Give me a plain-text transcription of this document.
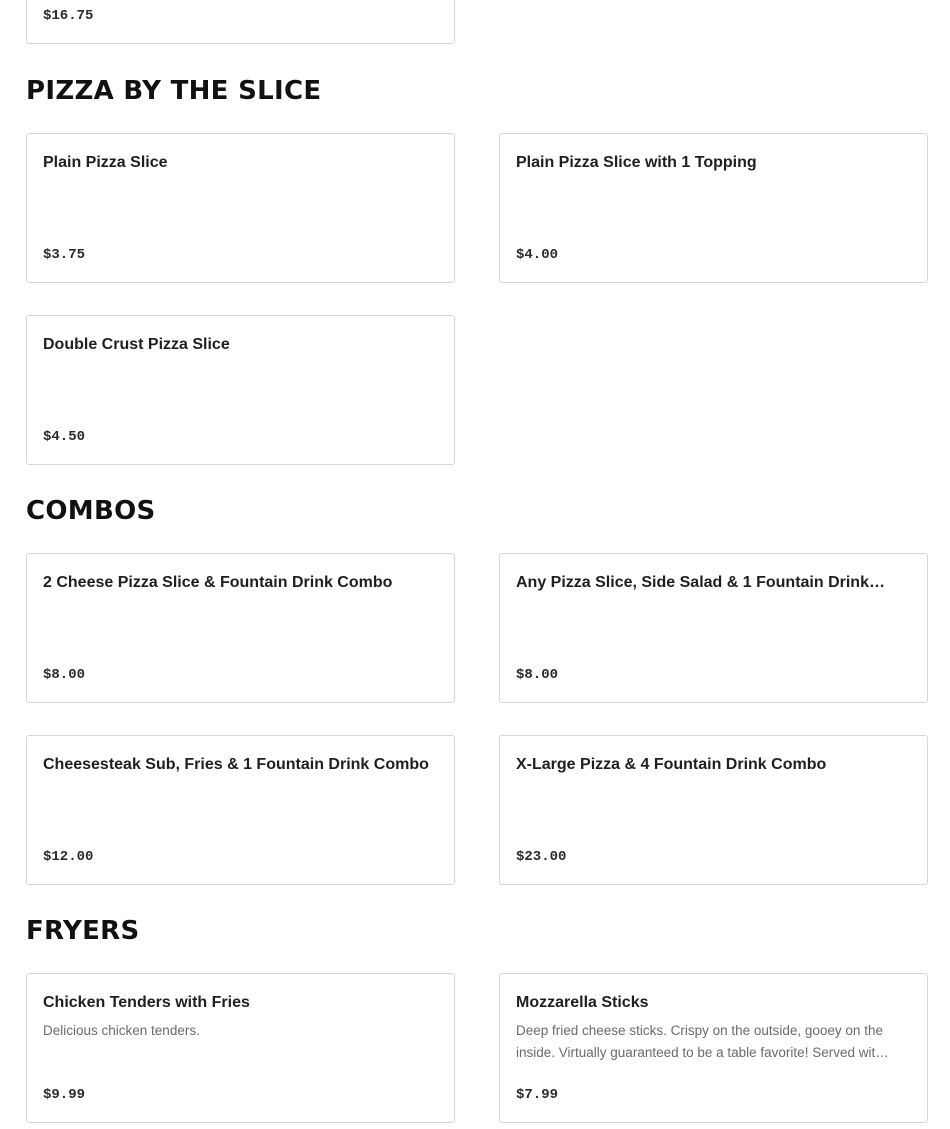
$16.75
PIZZA BY THE SLICE
Plain Pizza Slice
$3.75
Plain Pizza Slice with 1 Topping
$4.00
Double Crust Pizza Slice
$4.50
COMBOS
2 Cheese Pizza Slice & Fountain Drink Combo
$8.00
Any Pizza Slice, Side Salad & 1 Fountain Drink…
$8.00
Cheesesteak Sub, Fries & 1 Fountain Drink Combo
$12.00
X-Large Pizza & 4 Fountain Drink Combo
$23.00
FRYERS
Chicken Tenders with Fries
Delicious chicken tenders.
$9.99
Mozzarella Sticks
Deep fried cheese sticks. Crispy on the outside, gooey on the inside. Virtually guaranteed to be a table favorite! Served wit…
$7.99
